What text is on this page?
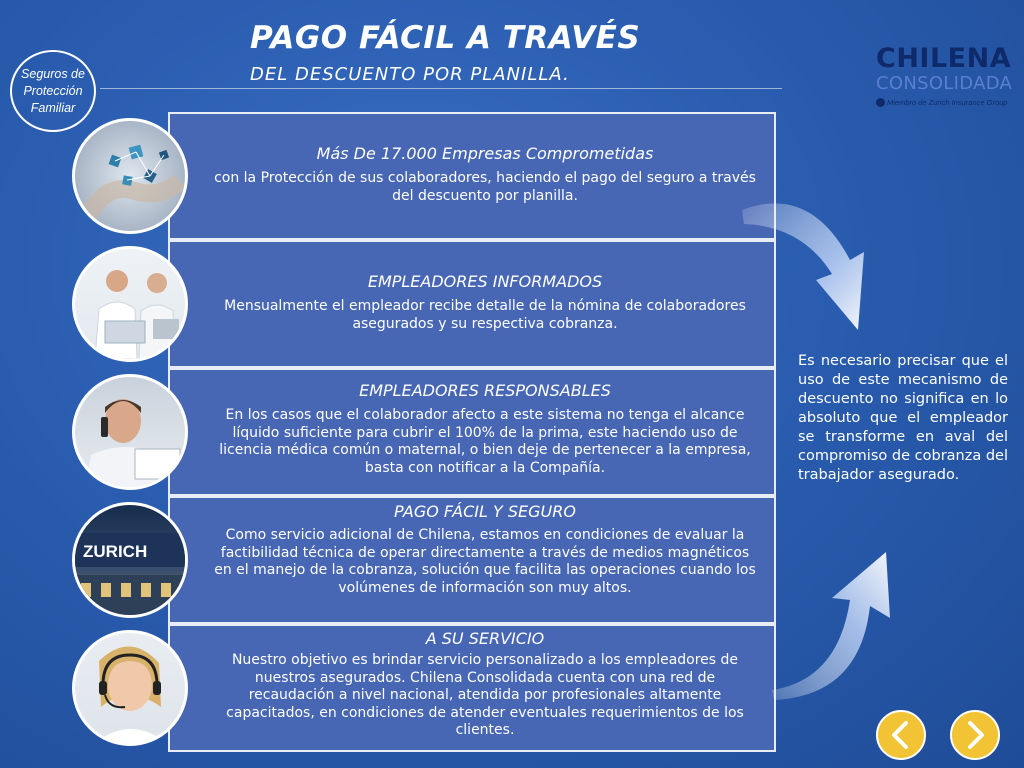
Seguros de
Protección
Familiar
PAGO FÁCIL A TRAVÉS
DEL DESCUENTO POR PLANILLA.
CHILENA
CONSOLIDADA
Miembro de Zurich Insurance Group
Más De 17.000 Empresas Comprometidas
con la Protección de sus colaboradores, haciendo el pago del seguro a través del descuento por planilla.
EMPLEADORES INFORMADOS
Mensualmente el empleador recibe detalle de la nómina de colaboradores asegurados y su respectiva cobranza.
EMPLEADORES RESPONSABLES
En los casos que el colaborador afecto a este sistema no tenga el alcance líquido suficiente para cubrir el 100% de la prima, este haciendo uso de licencia médica común o maternal, o bien deje de pertenecer a la empresa, basta con notificar a la Compañía.
PAGO FÁCIL Y SEGURO
Como servicio adicional de Chilena, estamos en condiciones de evaluar la factibilidad técnica de operar directamente a través de medios magnéticos en el manejo de la cobranza, solución que facilita las operaciones cuando los volúmenes de información son muy altos.
A SU SERVICIO
Nuestro objetivo es brindar servicio personalizado a los empleadores de nuestros asegurados. Chilena Consolidada cuenta con una red de recaudación a nivel nacional, atendida por profesionales altamente capacitados, en condiciones de atender eventuales requerimientos de los clientes.
ZURICH
Es necesario precisar que el uso de este mecanismo de descuento no significa en lo absoluto que el empleador se transforme en aval del compromiso de cobranza del trabajador asegurado.
